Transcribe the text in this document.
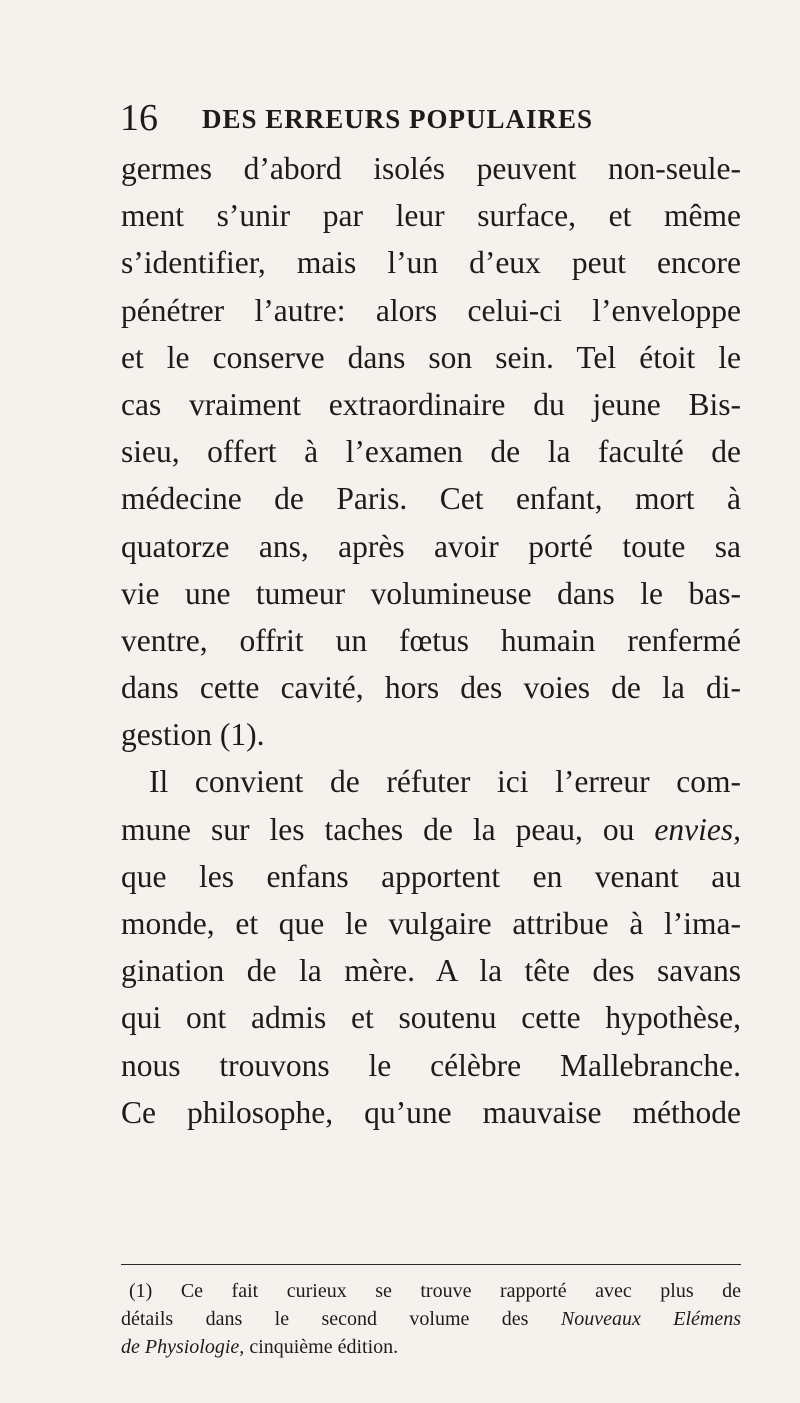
16 DES ERREURS POPULAIRES
germes d’abord isolés peuvent non-seule-
ment s’unir par leur surface, et même
s’identifier, mais l’un d’eux peut encore
pénétrer l’autre: alors celui-ci l’enveloppe
et le conserve dans son sein. Tel étoit le
cas vraiment extraordinaire du jeune Bis-
sieu, offert à l’examen de la faculté de
médecine de Paris. Cet enfant, mort à
quatorze ans, après avoir porté toute sa
vie une tumeur volumineuse dans le bas-
ventre, offrit un fœtus humain renfermé
dans cette cavité, hors des voies de la di-
gestion (1).
Il convient de réfuter ici l’erreur com-
mune sur les taches de la peau, ou envies,
que les enfans apportent en venant au
monde, et que le vulgaire attribue à l’ima-
gination de la mère. A la tête des savans
qui ont admis et soutenu cette hypothèse,
nous trouvons le célèbre Mallebranche.
Ce philosophe, qu’une mauvaise méthode
(1) Ce fait curieux se trouve rapporté avec plus de
détails dans le second volume des Nouveaux Elémens
de Physiologie, cinquième édition.
